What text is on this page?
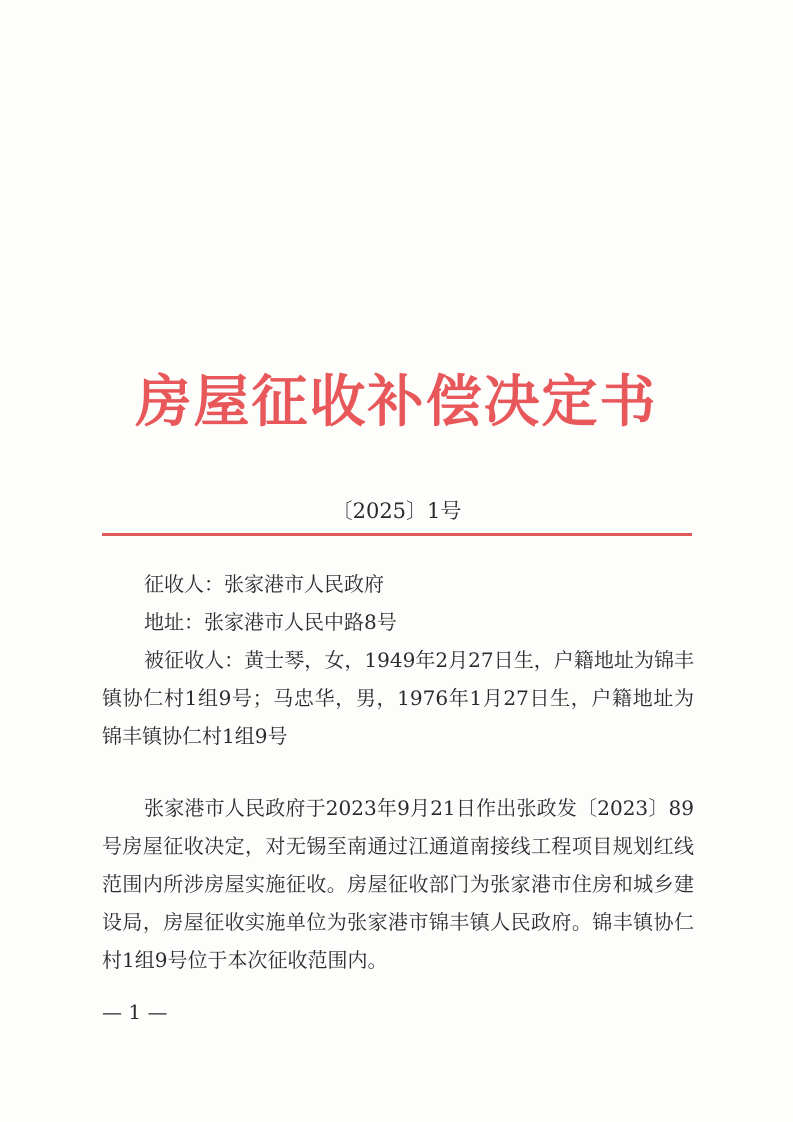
房屋征收补偿决定书
〔2025〕1号

征收人：张家港市人民政府

地址：张家港市人民中路8号

被征收人：黄士琴，女，1949年2月27日生，户籍地址为锦丰镇协仁村1组9号；马忠华，男，1976年1月27日生，户籍地址为锦丰镇协仁村1组9号

张家港市人民政府于2023年9月21日作出张政发〔2023〕89号房屋征收决定，对无锡至南通过江通道南接线工程项目规划红线范围内所涉房屋实施征收。房屋征收部门为张家港市住房和城乡建设局，房屋征收实施单位为张家港市锦丰镇人民政府。锦丰镇协仁村1组9号位于本次征收范围内。

— 1 —
